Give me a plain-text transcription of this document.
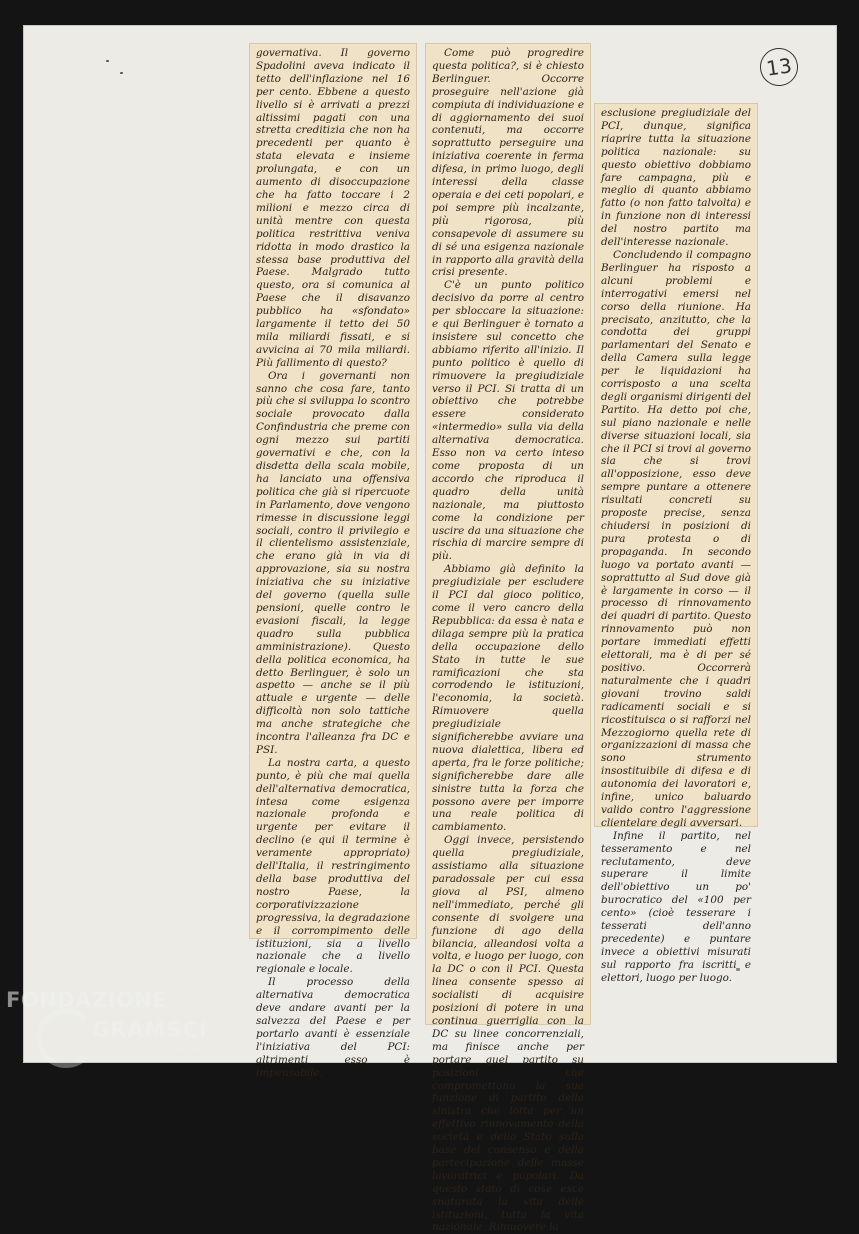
13

governativa. Il governo Spadolini aveva indicato il tetto dell'inflazione nel 16 per cento. Ebbene a questo livello si è arrivati a prezzi altissimi pagati con una stretta creditizia che non ha precedenti per quanto è stata elevata e insieme prolungata, e con un aumento di disoccupazione che ha fatto toccare i 2 milioni e mezzo circa di unità mentre con questa politica restrittiva veniva ridotta in modo drastico la stessa base produttiva del Paese. Malgrado tutto questo, ora si comunica al Paese che il disavanzo pubblico ha «sfondato» largamente il tetto dei 50 mila miliardi fissati, e si avvicina ai 70 mila miliardi. Più fallimento di questo?

Ora i governanti non sanno che cosa fare, tanto più che si sviluppa lo scontro sociale provocato dalla Confindustria che preme con ogni mezzo sui partiti governativi e che, con la disdetta della scala mobile, ha lanciato una offensiva politica che già si ripercuote in Parlamento, dove vengono rimesse in discussione leggi sociali, contro il privilegio e il clientelismo assistenziale, che erano già in via di approvazione, sia su nostra iniziativa che su iniziative del governo (quella sulle pensioni, quelle contro le evasioni fiscali, la legge quadro sulla pubblica amministrazione). Questo della politica economica, ha detto Berlinguer, è solo un aspetto — anche se il più attuale e urgente — delle difficoltà non solo tattiche ma anche strategiche che incontra l'alleanza fra DC e PSI.

La nostra carta, a questo punto, è più che mai quella dell'alternativa democratica, intesa come esigenza nazionale profonda e urgente per evitare il declino (e qui il termine è veramente appropriato) dell'Italia, il restringimento della base produttiva del nostro Paese, la corporativizzazione progressiva, la degradazione e il corrompimento delle istituzioni, sia a livello nazionale che a livello regionale e locale.

Il processo della alternativa democratica deve andare avanti per la salvezza del Paese e per portarlo avanti è essenziale l'iniziativa del PCI: altrimenti esso è impensabile.

Come può progredire questa politica?, si è chiesto Berlinguer. Occorre proseguire nell'azione già compiuta di individuazione e di aggiornamento dei suoi contenuti, ma occorre soprattutto perseguire una iniziativa coerente in ferma difesa, in primo luogo, degli interessi della classe operaia e dei ceti popolari, e poi sempre più incalzante, più rigorosa, più consapevole di assumere su di sé una esigenza nazionale in rapporto alla gravità della crisi presente.

C'è un punto politico decisivo da porre al centro per sbloccare la situazione: e qui Berlinguer è tornato a insistere sul concetto che abbiamo riferito all'inizio. Il punto politico è quello di rimuovere la pregiudiziale verso il PCI. Si tratta di un obiettivo che potrebbe essere considerato «intermedio» sulla via della alternativa democratica. Esso non va certo inteso come proposta di un accordo che riproduca il quadro della unità nazionale, ma piuttosto come la condizione per uscire da una situazione che rischia di marcire sempre di più.

Abbiamo già definito la pregiudiziale per escludere il PCI dal gioco politico, come il vero cancro della Repubblica: da essa è nata e dilaga sempre più la pratica della occupazione dello Stato in tutte le sue ramificazioni che sta corrodendo le istituzioni, l'economia, la società. Rimuovere quella pregiudiziale significherebbe avviare una nuova dialettica, libera ed aperta, fra le forze politiche; significherebbe dare alle sinistre tutta la forza che possono avere per imporre una reale politica di cambiamento.

Oggi invece, persistendo quella pregiudiziale, assistiamo alla situazione paradossale per cui essa giova al PSI, almeno nell'immediato, perché gli consente di svolgere una funzione di ago della bilancia, alleandosi volta a volta, e luogo per luogo, con la DC o con il PCI. Questa linea consente spesso ai socialisti di acquisire posizioni di potere in una continua guerriglia con la DC su linee concorrenziali, ma finisce anche per portare quel partito su posizioni che compromettono la sua funzione di partito della sinistra che lotta per un effettivo rinnovamento della società e dello Stato sulla base del consenso e della partecipazione delle masse lavoratrici e popolari. Da questo stato di cose esce snaturata la vita delle istituzioni, tutta la vita nazionale. Rimuovere la

esclusione pregiudiziale del PCI, dunque, significa riaprire tutta la situazione politica nazionale: su questo obiettivo dobbiamo fare campagna, più e meglio di quanto abbiamo fatto (o non fatto talvolta) e in funzione non di interessi del nostro partito ma dell'interesse nazionale.

Concludendo il compagno Berlinguer ha risposto a alcuni problemi e interrogativi emersi nel corso della riunione. Ha precisato, anzitutto, che la condotta dei gruppi parlamentari del Senato e della Camera sulla legge per le liquidazioni ha corrisposto a una scelta degli organismi dirigenti del Partito. Ha detto poi che, sul piano nazionale e nelle diverse situazioni locali, sia che il PCI si trovi al governo sia che si trovi all'opposizione, esso deve sempre puntare a ottenere risultati concreti su proposte precise, senza chiudersi in posizioni di pura protesta o di propaganda. In secondo luogo va portato avanti — soprattutto al Sud dove già è largamente in corso — il processo di rinnovamento dei quadri di partito. Questo rinnovamento può non portare immediati effetti elettorali, ma è di per sé positivo. Occorrerà naturalmente che i quadri giovani trovino saldi radicamenti sociali e si ricostituisca o si rafforzi nel Mezzogiorno quella rete di organizzazioni di massa che sono strumento insostituibile di difesa e di autonomia dei lavoratori e, infine, unico baluardo valido contro l'aggressione clientelare degli avversari.

Infine il partito, nel tesseramento e nel reclutamento, deve superare il limite dell'obiettivo un po' burocratico del «100 per cento» (cioè tesserare i tesserati dell'anno precedente) e puntare invece a obiettivi misurati sul rapporto fra iscritti e elettori, luogo per luogo.

FONDAZIONE
GRAMSCI
onlus
